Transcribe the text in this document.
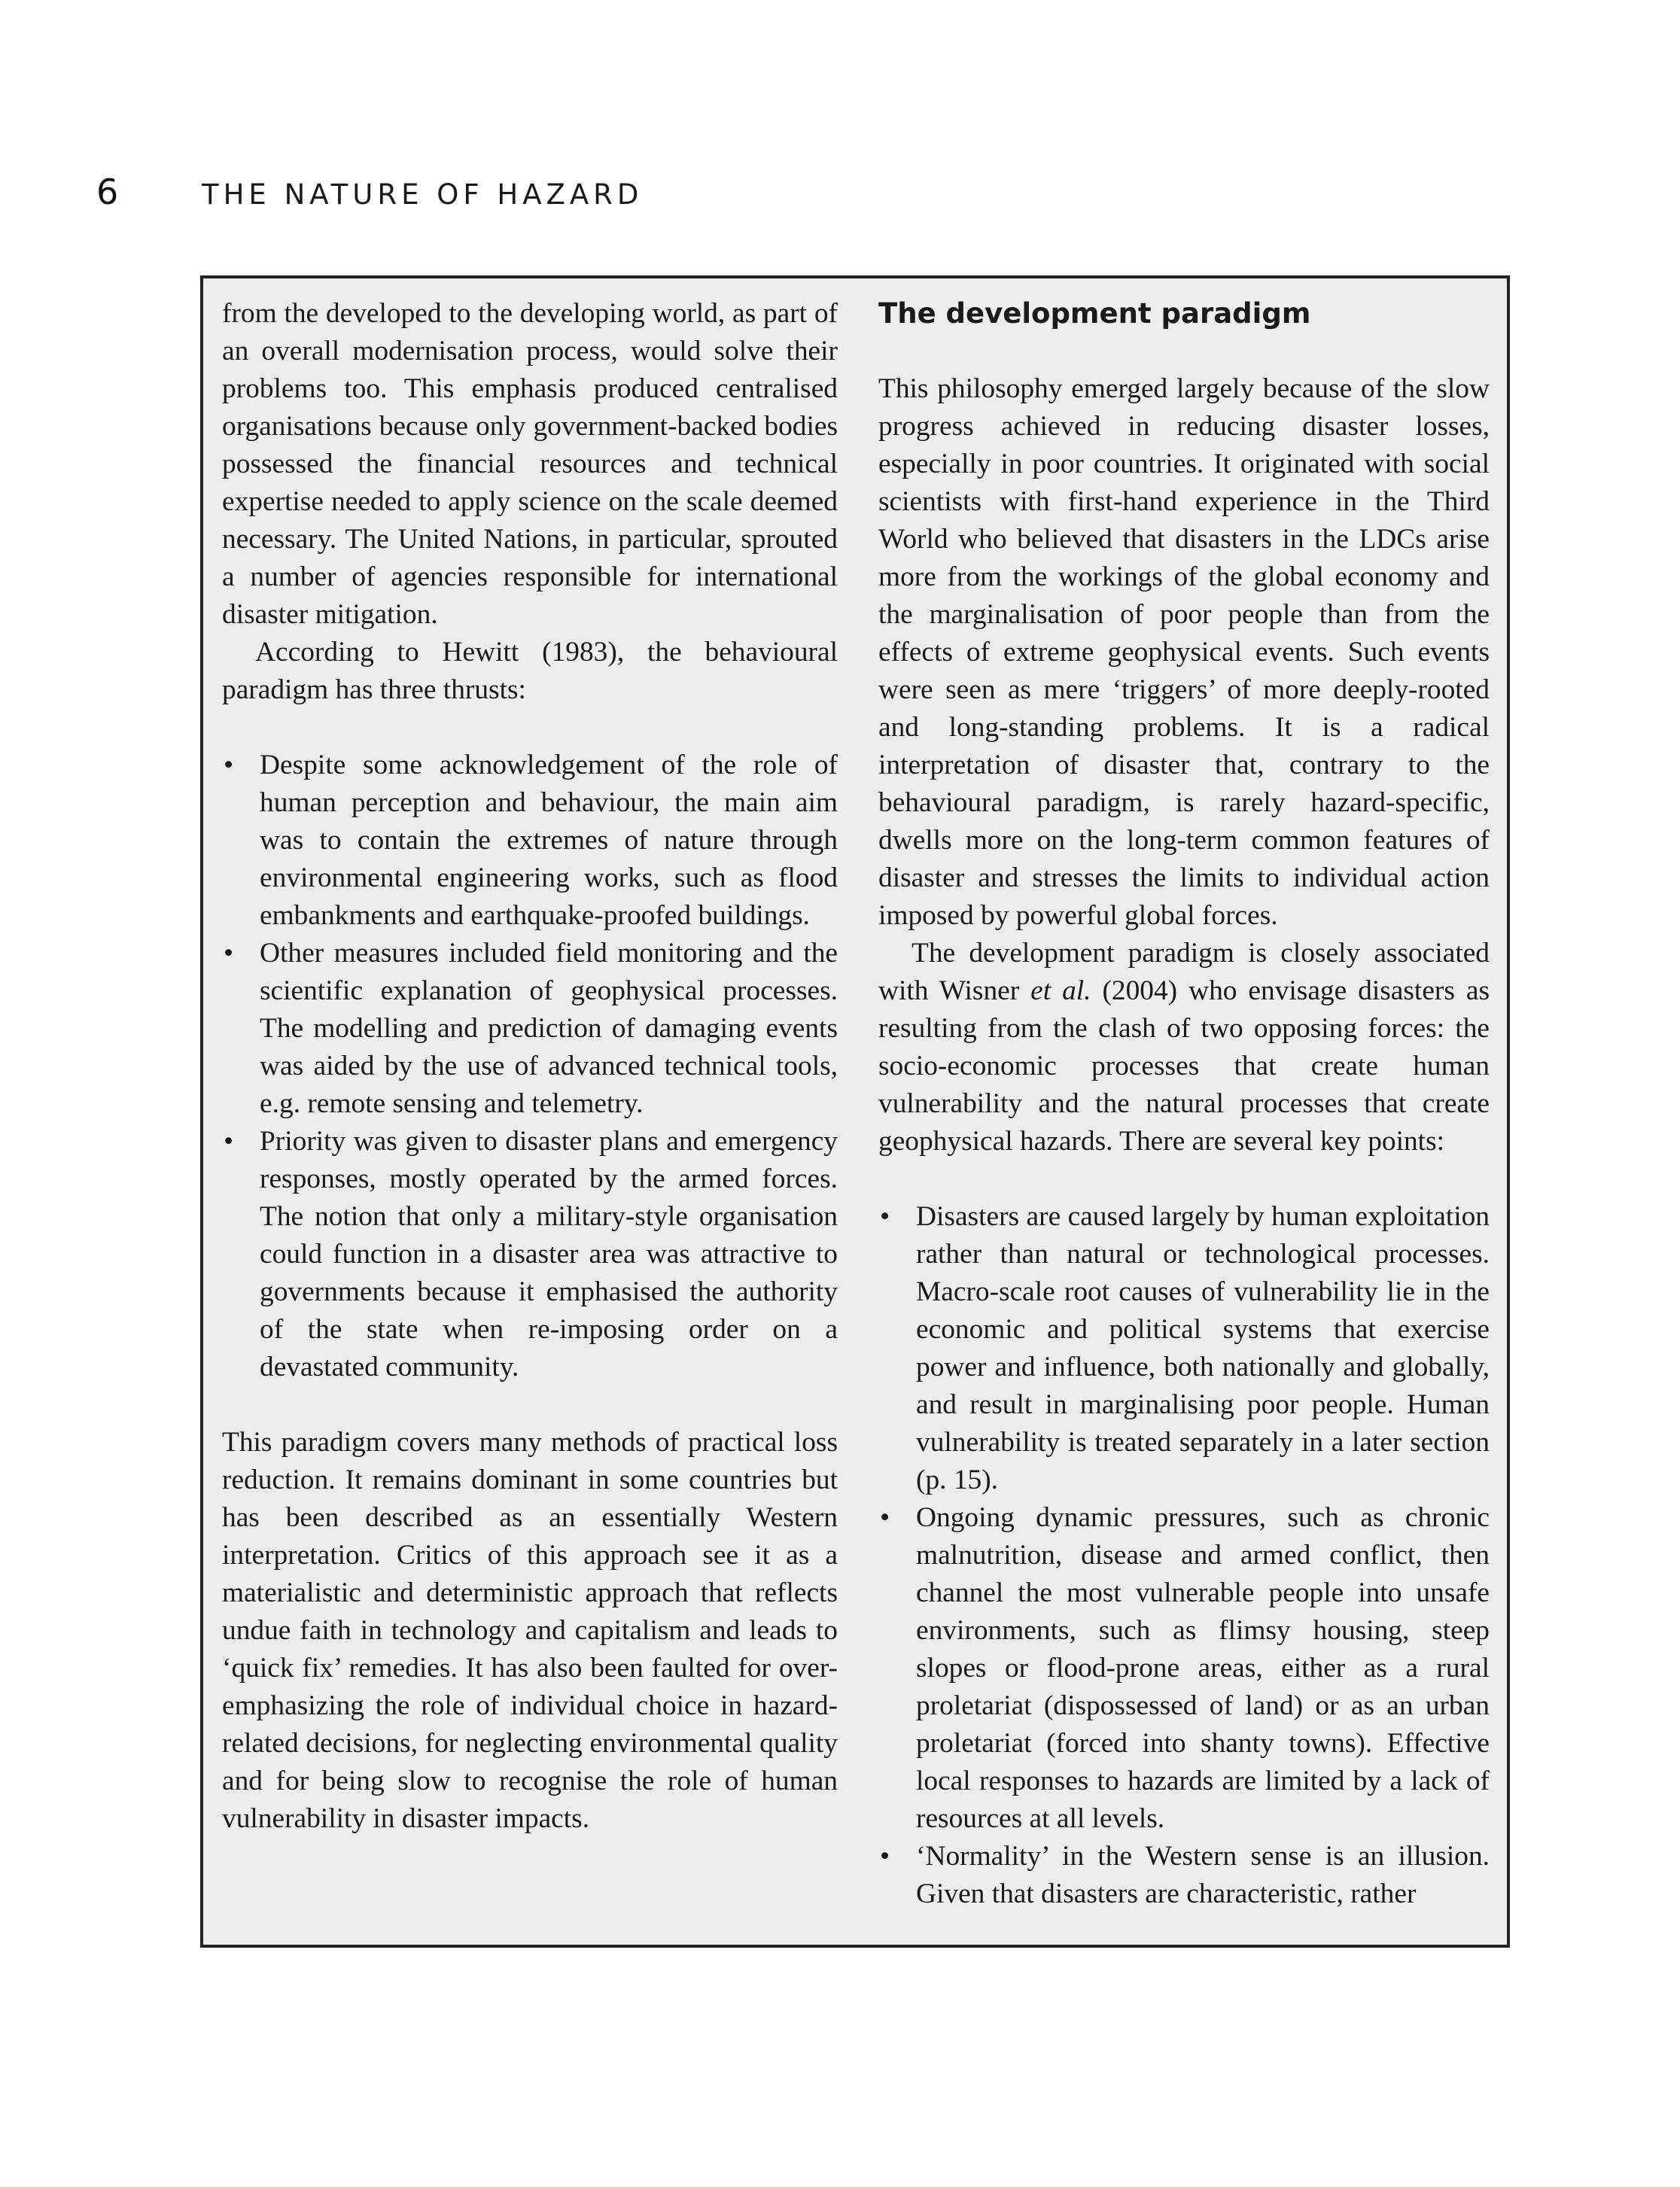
6	THE NATURE OF HAZARD

from the developed to the developing world, as part of an overall modernisation process, would solve their problems too. This emphasis produced centralised organisations because only government-backed bodies possessed the financial resources and technical expertise needed to apply science on the scale deemed necessary. The United Nations, in particular, sprouted a number of agencies responsible for international disaster mitigation.

According to Hewitt (1983), the behavioural paradigm has three thrusts:

• Despite some acknowledgement of the role of human perception and behaviour, the main aim was to contain the extremes of nature through environmental engineering works, such as flood embankments and earthquake-proofed buildings.
• Other measures included field monitoring and the scientific explanation of geophysical processes. The modelling and prediction of damaging events was aided by the use of advanced technical tools, e.g. remote sensing and telemetry.
• Priority was given to disaster plans and emergency responses, mostly operated by the armed forces. The notion that only a military-style organisation could function in a disaster area was attractive to governments because it emphasised the authority of the state when re-imposing order on a devastated community.

This paradigm covers many methods of practical loss reduction. It remains dominant in some countries but has been described as an essentially Western interpretation. Critics of this approach see it as a materialistic and deterministic approach that reflects undue faith in technology and capitalism and leads to ‘quick fix’ remedies. It has also been faulted for over-emphasizing the role of individual choice in hazard-related decisions, for neglecting environmental quality and for being slow to recognise the role of human vulnerability in disaster impacts.

The development paradigm

This philosophy emerged largely because of the slow progress achieved in reducing disaster losses, especially in poor countries. It originated with social scientists with first-hand experience in the Third World who believed that disasters in the LDCs arise more from the workings of the global economy and the marginalisation of poor people than from the effects of extreme geophysical events. Such events were seen as mere ‘triggers’ of more deeply-rooted and long-standing problems. It is a radical interpretation of disaster that, contrary to the behavioural paradigm, is rarely hazard-specific, dwells more on the long-term common features of disaster and stresses the limits to individual action imposed by powerful global forces.

The development paradigm is closely associated with Wisner et al. (2004) who envisage disasters as resulting from the clash of two opposing forces: the socio-economic processes that create human vulnerability and the natural processes that create geophysical hazards. There are several key points:

• Disasters are caused largely by human exploitation rather than natural or technological processes. Macro-scale root causes of vulnerability lie in the economic and political systems that exercise power and influence, both nationally and globally, and result in marginalising poor people. Human vulnerability is treated separately in a later section (p. 15).
• Ongoing dynamic pressures, such as chronic malnutrition, disease and armed conflict, then channel the most vulnerable people into unsafe environments, such as flimsy housing, steep slopes or flood-prone areas, either as a rural proletariat (dispossessed of land) or as an urban proletariat (forced into shanty towns). Effective local responses to hazards are limited by a lack of resources at all levels.
• ‘Normality’ in the Western sense is an illusion. Given that disasters are characteristic, rather
